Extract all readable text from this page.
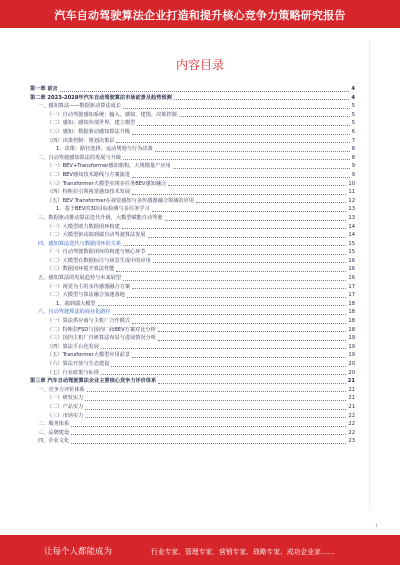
汽车自动驾驶算法企业打造和提升核心竞争力策略研究报告
内容目录
第一章 前言	4
第二章 2023-2028年汽车自动驾驶算法市场前景及趋势预测	4
一、感知算法——数据驱动算法成长	5
（一）自动驾驶感知系统：输入、感知、建图、决策控制	5
（二）感知：感知外部世界，建立模型	5
（三）感知：数据驱动感知算法升级	6
（四）决策控制：规划决策层	7
1、决策：路径选择、运动规划与行为决策	8
二、自动驾驶感知算法的发展与升级	8
（一）BEV+Transformer感知架构，大规模量产应用	9
（二）BEV感知技术路线与方案演进	9
（三）Transformer大模型实现多任务BEV感知融合	10
（四）特斯拉引领视觉感知技术发展	11
（五）BEV Transformer在视觉感知与多传感器融合领域的应用	12
1、基于BEV的3D目标检测与多任务学习	13
三、数据驱动推动算法迭代升级，大模型赋能自动驾驶	13
（一）大模型助力数据闭环构建	14
（二）大模型驱动端到端自动驾驶算法发展	14
四、感知算法迭代与数据闭环的关系	15
（一）自动驾驶数据闭环的构建与核心环节	15
（二）大模型在数据标注与场景生成中的应用	16
（三）数据闭环提升算法性能	16
五、感知算法的发展趋势与未来展望	16
（一）视觉为主的多传感器融合方案	17
（二）大模型与算法融合加速落地	17
1、端到端大模型	18
六、自动驾驶算法的商业化路径	18
（一）算法供应商与主机厂合作模式	18
（二）特斯拉FSD与国内厂商BEV方案对比分析	18
（三）国内主机厂自研算法布局与进展情况分析	19
（四）算法平台化发展	19
（五）Transformer大模型应用前景	19
（六）算法开放与生态建设	20
（七）行业政策与标准	20
第三章 汽车自动驾驶算法企业主要核心竞争力评价体系	21
一、竞争力评价体系	21
（一）研发实力	21
（二）产品实力	21
（三）市场实力	22
二、服务体系	22
三、品牌建设	22
四、企业文化	23
1
让每个人都能成为	行业专家、管理专家、营销专家、战略专家、成功企业家……
